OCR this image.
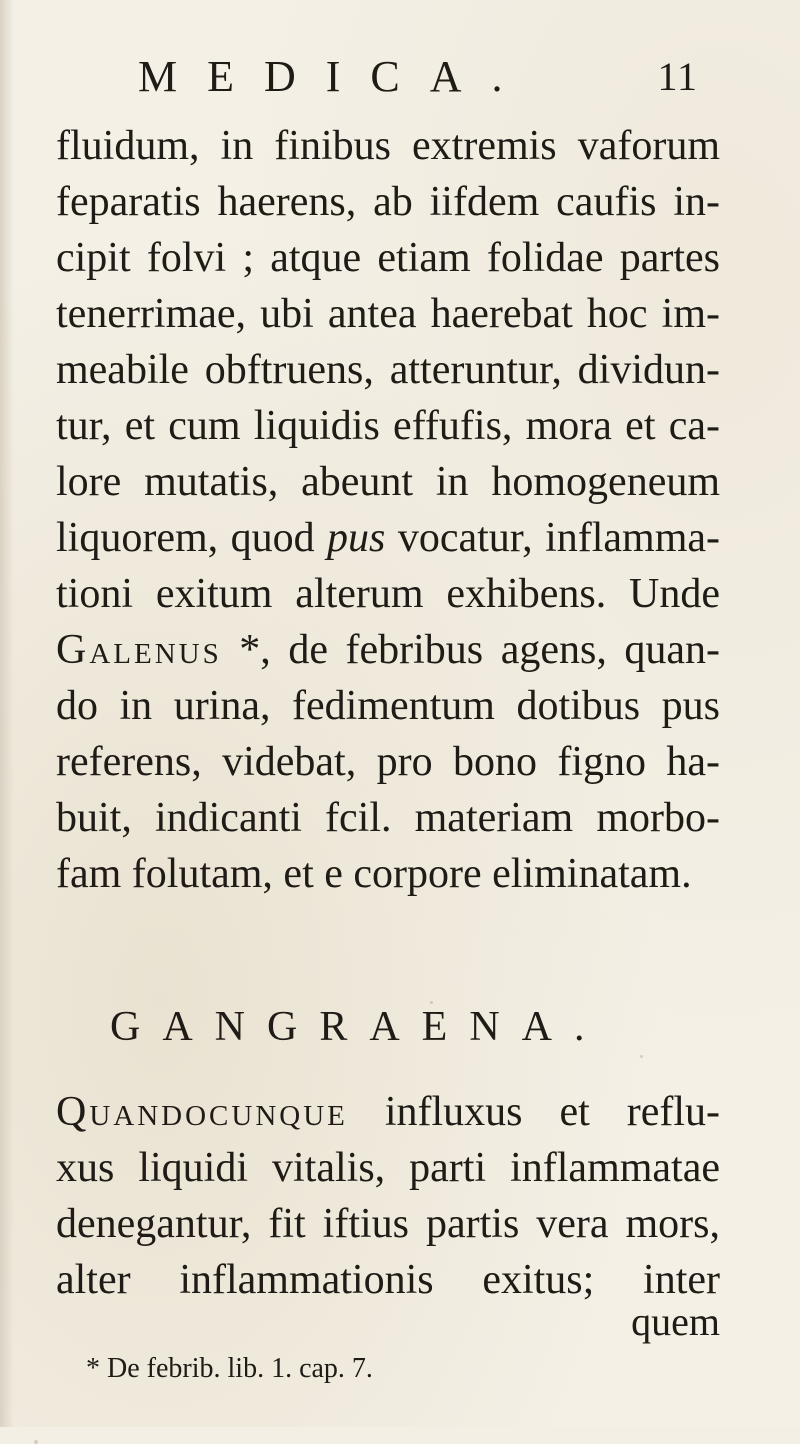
MEDICA.	11
fluidum, in finibus extremis vaforum
feparatis haerens, ab iifdem caufis in-
cipit folvi ; atque etiam folidae partes
tenerrimae, ubi antea haerebat hoc im-
meabile obftruens, atteruntur, dividun-
tur, et cum liquidis effufis, mora et ca-
lore mutatis, abeunt in homogeneum
liquorem, quod pus vocatur, inflamma-
tioni exitum alterum exhibens. Unde
Galenus *, de febribus agens, quan-
do in urina, fedimentum dotibus pus
referens, videbat, pro bono figno ha-
buit, indicanti fcil. materiam morbo-
fam folutam, et e corpore eliminatam.
GANGRAENA.
Quandocunque influxus et reflu-
xus liquidi vitalis, parti inflammatae
denegantur, fit iftius partis vera mors,
alter inflammationis exitus; inter
quem
* De febrib. lib. 1. cap. 7.
